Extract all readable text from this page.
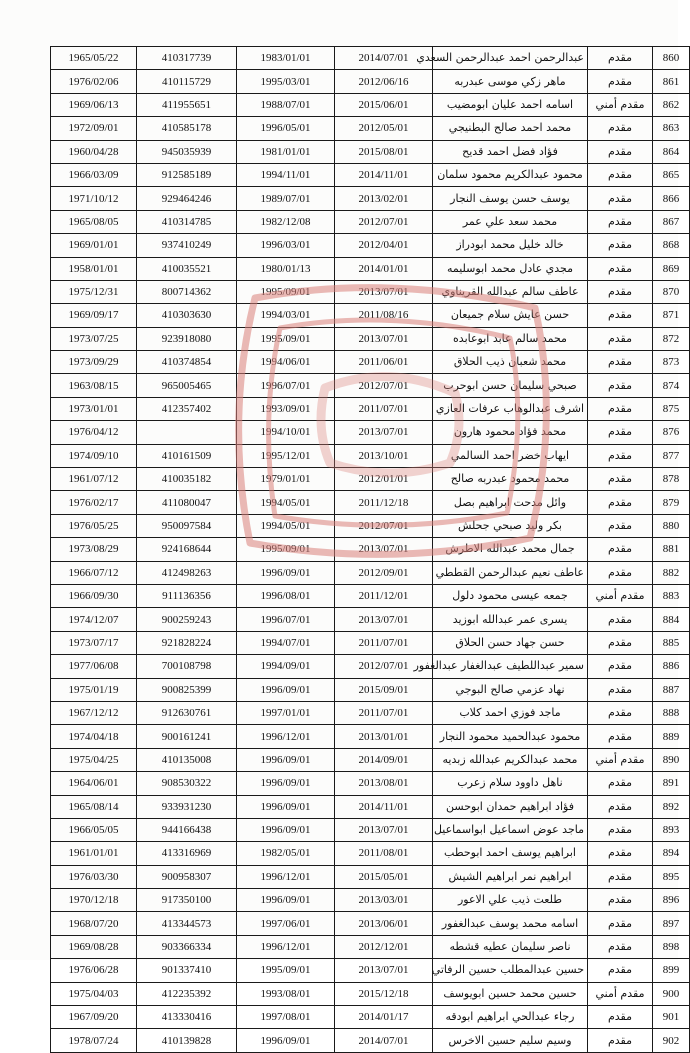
860	مقدم	عبدالرحمن احمد عبدالرحمن السعدي	2014/07/01	1983/01/01	410317739	1965/05/22
861	مقدم	ماهر زكي موسى عبدربه	2012/06/16	1995/03/01	410115729	1976/02/06
862	مقدم أمني	اسامه احمد عليان ابومضيب	2015/06/01	1988/07/01	411955651	1969/06/13
863	مقدم	محمد احمد صالح البطنيجي	2012/05/01	1996/05/01	410585178	1972/09/01
864	مقدم	فؤاد فضل احمد قديح	2015/08/01	1981/01/01	945035939	1960/04/28
865	مقدم	محمود عبدالكريم محمود سلمان	2014/11/01	1994/11/01	912585189	1966/03/09
866	مقدم	يوسف حسن يوسف النجار	2013/02/01	1989/07/01	929464246	1971/10/12
867	مقدم	محمد سعد علي عمر	2012/07/01	1982/12/08	410314785	1965/08/05
868	مقدم	خالد خليل محمد ابودراز	2012/04/01	1996/03/01	937410249	1969/01/01
869	مقدم	مجدي عادل محمد ابوسليمه	2014/01/01	1980/01/13	410035521	1958/01/01
870	مقدم	عاطف سالم عبدالله القريناوي	2013/07/01	1995/09/01	800714362	1975/12/31
871	مقدم	حسن عايش سلام جميعان	2011/08/16	1994/03/01	410303630	1969/09/17
872	مقدم	محمد سالم عابد ابوعابده	2013/07/01	1995/09/01	923918080	1973/07/25
873	مقدم	محمد شعبان ذيب الحلاق	2011/06/01	1994/06/01	410374854	1973/09/29
874	مقدم	صبحي سليمان حسن ابوحرب	2012/07/01	1996/07/01	965005465	1963/08/15
875	مقدم	اشرف عبدالوهاب عرفات العازي	2011/07/01	1993/09/01	412357402	1973/01/01
876	مقدم	محمد فؤاد محمود هارون	2013/07/01	1994/10/01		1976/04/12
877	مقدم	ايهاب خضر احمد السالمي	2013/10/01	1995/12/01	410161509	1974/09/10
878	مقدم	محمد محمود عبدربه صالح	2012/01/01	1979/01/01	410035182	1961/07/12
879	مقدم	وائل مدحت ابراهيم بصل	2011/12/18	1994/05/01	411080047	1976/02/17
880	مقدم	بكر وليد صبحي جحلش	2012/07/01	1994/05/01	950097584	1976/05/25
881	مقدم	جمال محمد عبدالله الاطرش	2013/07/01	1995/09/01	924168644	1973/08/29
882	مقدم	عاطف نعيم عبدالرحمن القططي	2012/09/01	1996/09/01	412498263	1966/07/12
883	مقدم أمني	جمعه عيسى محمود دلول	2011/12/01	1996/08/01	911136356	1966/09/30
884	مقدم	يسرى عمر عبدالله ابوزيد	2013/07/01	1996/07/01	900259243	1974/12/07
885	مقدم	حسن جهاد حسن الحلاق	2011/07/01	1994/07/01	921828224	1973/07/17
886	مقدم	سمير عبداللطيف عبدالغفار عبدالغفور	2012/07/01	1994/09/01	700108798	1977/06/08
887	مقدم	نهاد عزمي صالح البوجي	2015/09/01	1996/09/01	900825399	1975/01/19
888	مقدم	ماجد فوزي احمد كلاب	2011/07/01	1997/01/01	912630761	1967/12/12
889	مقدم	محمود عبدالحميد محمود النجار	2013/01/01	1996/12/01	900161241	1974/04/18
890	مقدم أمني	محمد عبدالكريم عبدالله زبديه	2014/09/01	1996/09/01	410135008	1975/04/25
891	مقدم	ناهل داوود سلام زعرب	2013/08/01	1996/09/01	908530322	1964/06/01
892	مقدم	فؤاد ابراهيم حمدان ابوحسن	2014/11/01	1996/09/01	933931230	1965/08/14
893	مقدم	ماجد عوض اسماعيل ابواسماعيل	2013/07/01	1996/09/01	944166438	1966/05/05
894	مقدم	ابراهيم يوسف احمد ابوحطب	2011/08/01	1982/05/01	413316969	1961/01/01
895	مقدم	ابراهيم نمر ابراهيم الشيش	2015/05/01	1996/12/01	900958307	1976/03/30
896	مقدم	طلعت ذيب علي الاعور	2013/03/01	1996/09/01	917350100	1970/12/18
897	مقدم	اسامه محمد يوسف عبدالغفور	2013/06/01	1997/06/01	413344573	1968/07/20
898	مقدم	ناصر سليمان عطيه قشطه	2012/12/01	1996/12/01	903366334	1969/08/28
899	مقدم	حسين عبدالمطلب حسين الرفاتي	2013/07/01	1995/09/01	901337410	1976/06/28
900	مقدم أمني	حسين محمد حسين ابويوسف	2015/12/18	1993/08/01	412235392	1975/04/03
901	مقدم	رجاء عبدالحي ابراهيم ابودقه	2014/01/17	1997/08/01	413330416	1967/09/20
902	مقدم	وسيم سليم حسين الاخرس	2014/07/01	1996/09/01	410139828	1978/07/24
